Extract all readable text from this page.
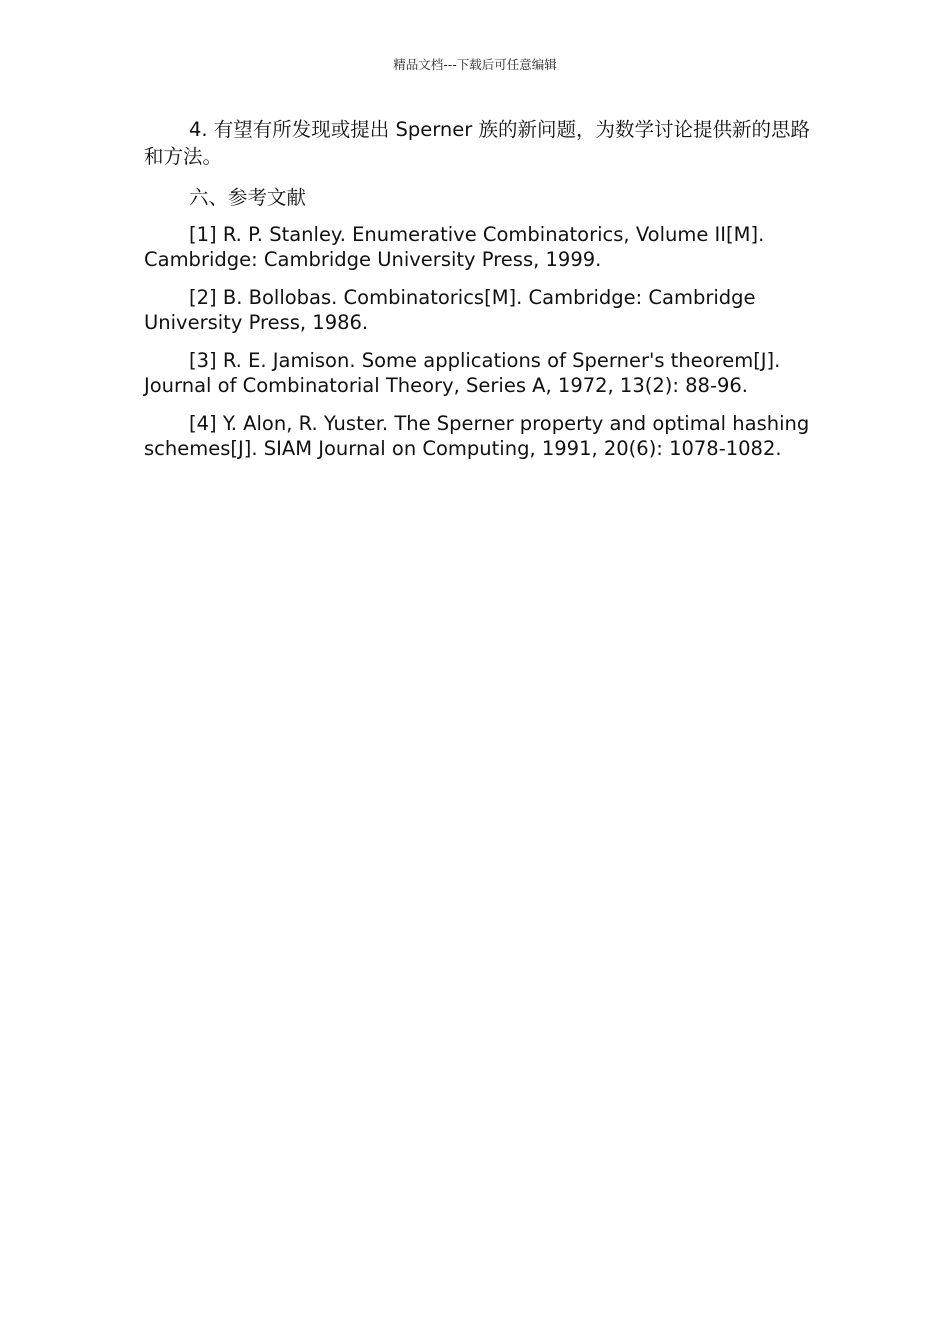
精品文档---下载后可任意编辑

4. 有望有所发现或提出 Sperner 族的新问题，为数学讨论提供新的思路和方法。

六、参考文献

[1] R. P. Stanley. Enumerative Combinatorics, Volume II[M]. Cambridge: Cambridge University Press, 1999.

[2] B. Bollobas. Combinatorics[M]. Cambridge: Cambridge University Press, 1986.

[3] R. E. Jamison. Some applications of Sperner's theorem[J]. Journal of Combinatorial Theory, Series A, 1972, 13(2): 88-96.

[4] Y. Alon, R. Yuster. The Sperner property and optimal hashing schemes[J]. SIAM Journal on Computing, 1991, 20(6): 1078-1082.
